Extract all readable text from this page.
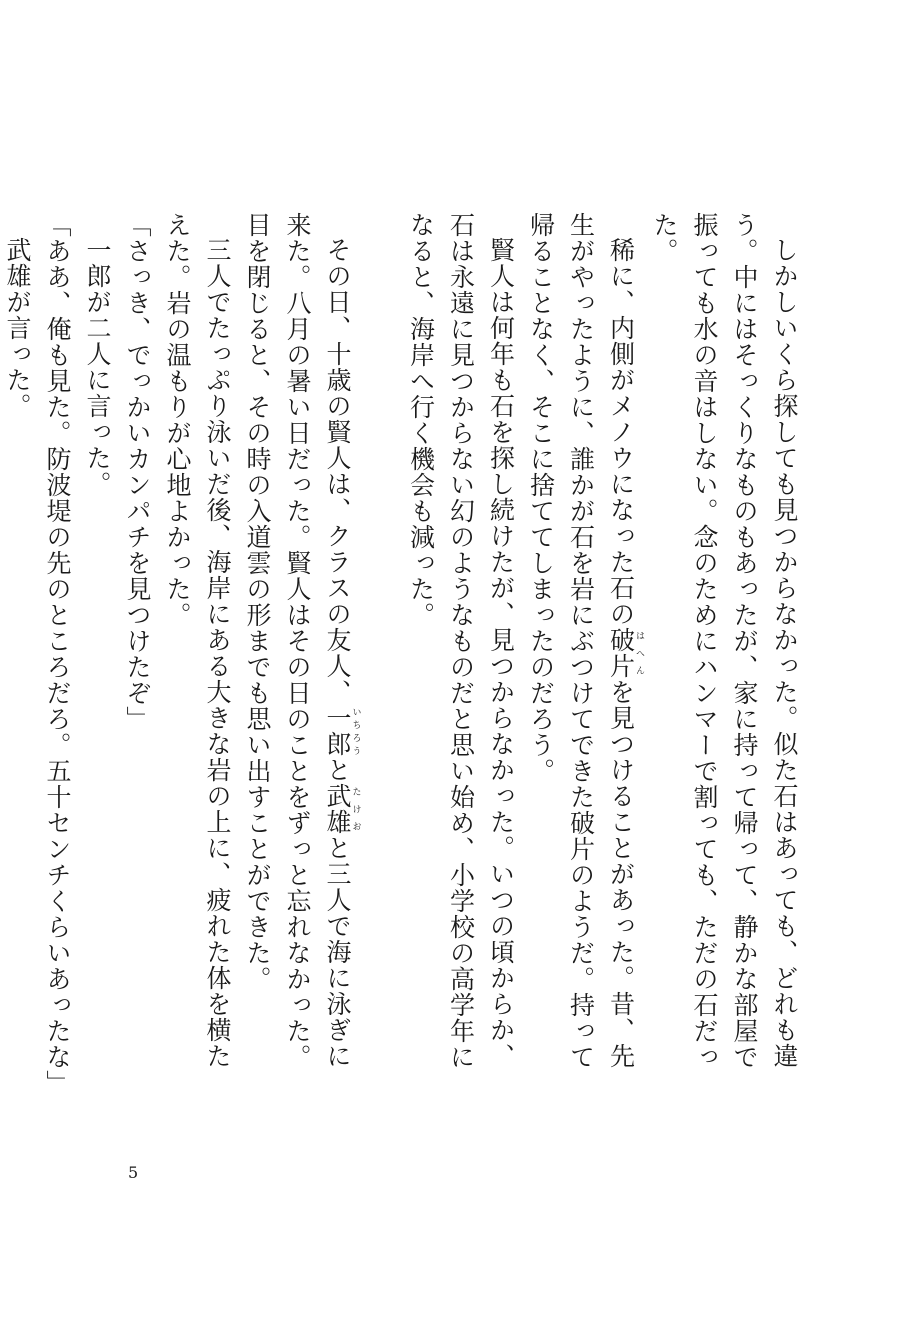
しかしいくら探しても見つからなかった。似た石はあっても、どれも違う。中にはそっくりなものもあったが、家に持って帰って、静かな部屋で振っても水の音はしない。念のためにハンマーで割っても、ただの石だった。

稀に、内側がメノウになった石の破片はへんを見つけることがあった。昔、先生がやったように、誰かが石を岩にぶつけてできた破片のようだ。持って帰ることなく、そこに捨ててしまったのだろう。

賢人は何年も石を探し続けたが、見つからなかった。いつの頃からか、石は永遠に見つからない幻のようなものだと思い始め、小学校の高学年になると、海岸へ行く機会も減った。

その日、十歳の賢人は、クラスの友人、一郎いちろうと武雄たけおと三人で海に泳ぎに来た。八月の暑い日だった。賢人はその日のことをずっと忘れなかった。目を閉じると、その時の入道雲の形までも思い出すことができた。

三人でたっぷり泳いだ後、海岸にある大きな岩の上に、疲れた体を横たえた。岩の温もりが心地よかった。

「さっき、でっかいカンパチを見つけたぞ」

一郎が二人に言った。

「ああ、俺も見た。防波堤の先のところだろ。五十センチくらいあったな」

武雄が言った。

5
